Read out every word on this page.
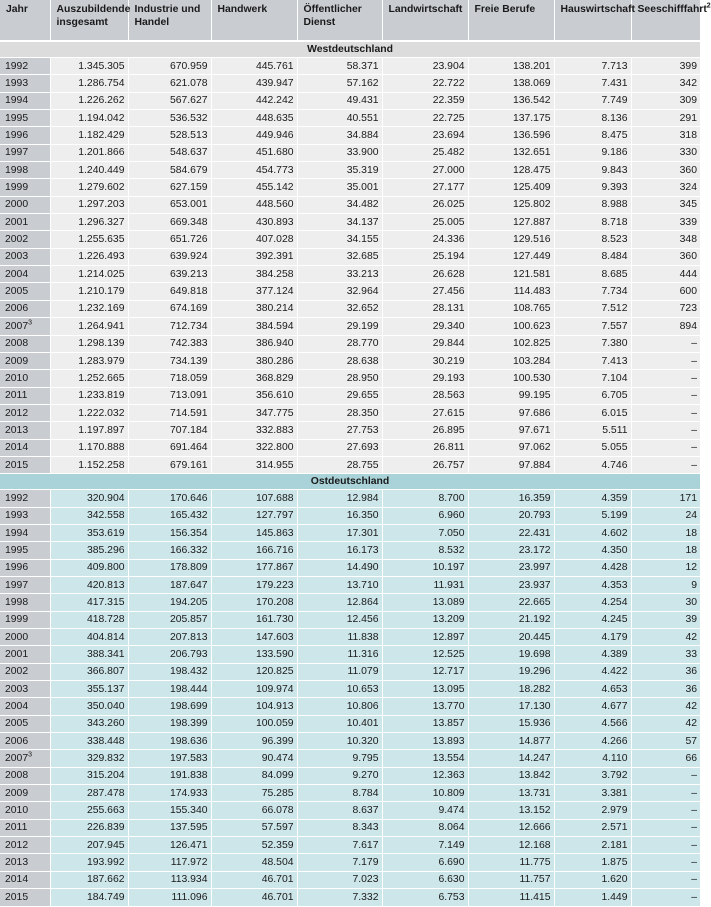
Jahr	Auszubildende insgesamt	Industrie und Handel	Handwerk	Öffentlicher Dienst	Landwirtschaft	Freie Berufe	Hauswirtschaft	Seeschifffahrt$^2$
Westdeutschland								
1992	1.345.305	670.959	445.761	58.371	23.904	138.201	7.713	399
1993	1.286.754	621.078	439.947	57.162	22.722	138.069	7.431	342
1994	1.226.262	567.627	442.242	49.431	22.359	136.542	7.749	309
1995	1.194.042	536.532	448.635	40.551	22.725	137.175	8.136	291
1996	1.182.429	528.513	449.946	34.884	23.694	136.596	8.475	318
1997	1.201.866	548.637	451.680	33.900	25.482	132.651	9.186	330
1998	1.240.449	584.679	454.773	35.319	27.000	128.475	9.843	360
1999	1.279.602	627.159	455.142	35.001	27.177	125.409	9.393	324
2000	1.297.203	653.001	448.560	34.482	26.025	125.802	8.988	345
2001	1.296.327	669.348	430.893	34.137	25.005	127.887	8.718	339
2002	1.255.635	651.726	407.028	34.155	24.336	129.516	8.523	348
2003	1.226.493	639.924	392.391	32.685	25.194	127.449	8.484	360
2004	1.214.025	639.213	384.258	33.213	26.628	121.581	8.685	444
2005	1.210.179	649.818	377.124	32.964	27.456	114.483	7.734	600
2006	1.232.169	674.169	380.214	32.652	28.131	108.765	7.512	723
2007$^3$	1.264.941	712.734	384.594	29.199	29.340	100.623	7.557	894
2008	1.298.139	742.383	386.940	28.770	29.844	102.825	7.380	–
2009	1.283.979	734.139	380.286	28.638	30.219	103.284	7.413	–
2010	1.252.665	718.059	368.829	28.950	29.193	100.530	7.104	–
2011	1.233.819	713.091	356.610	29.655	28.563	99.195	6.705	–
2012	1.222.032	714.591	347.775	28.350	27.615	97.686	6.015	–
2013	1.197.897	707.184	332.883	27.753	26.895	97.671	5.511	–
2014	1.170.888	691.464	322.800	27.693	26.811	97.062	5.055	–
2015	1.152.258	679.161	314.955	28.755	26.757	97.884	4.746	–
Ostdeutschland								
1992	320.904	170.646	107.688	12.984	8.700	16.359	4.359	171
1993	342.558	165.432	127.797	16.350	6.960	20.793	5.199	24
1994	353.619	156.354	145.863	17.301	7.050	22.431	4.602	18
1995	385.296	166.332	166.716	16.173	8.532	23.172	4.350	18
1996	409.800	178.809	177.867	14.490	10.197	23.997	4.428	12
1997	420.813	187.647	179.223	13.710	11.931	23.937	4.353	9
1998	417.315	194.205	170.208	12.864	13.089	22.665	4.254	30
1999	418.728	205.857	161.730	12.456	13.209	21.192	4.245	39
2000	404.814	207.813	147.603	11.838	12.897	20.445	4.179	42
2001	388.341	206.793	133.590	11.316	12.525	19.698	4.389	33
2002	366.807	198.432	120.825	11.079	12.717	19.296	4.422	36
2003	355.137	198.444	109.974	10.653	13.095	18.282	4.653	36
2004	350.040	198.699	104.913	10.806	13.770	17.130	4.677	42
2005	343.260	198.399	100.059	10.401	13.857	15.936	4.566	42
2006	338.448	198.636	96.399	10.320	13.893	14.877	4.266	57
2007$^3$	329.832	197.583	90.474	9.795	13.554	14.247	4.110	66
2008	315.204	191.838	84.099	9.270	12.363	13.842	3.792	–
2009	287.478	174.933	75.285	8.784	10.809	13.731	3.381	–
2010	255.663	155.340	66.078	8.637	9.474	13.152	2.979	–
2011	226.839	137.595	57.597	8.343	8.064	12.666	2.571	–
2012	207.945	126.471	52.359	7.617	7.149	12.168	2.181	–
2013	193.992	117.972	48.504	7.179	6.690	11.775	1.875	–
2014	187.662	113.934	46.701	7.023	6.630	11.757	1.620	–
2015	184.749	111.096	46.701	7.332	6.753	11.415	1.449	–
